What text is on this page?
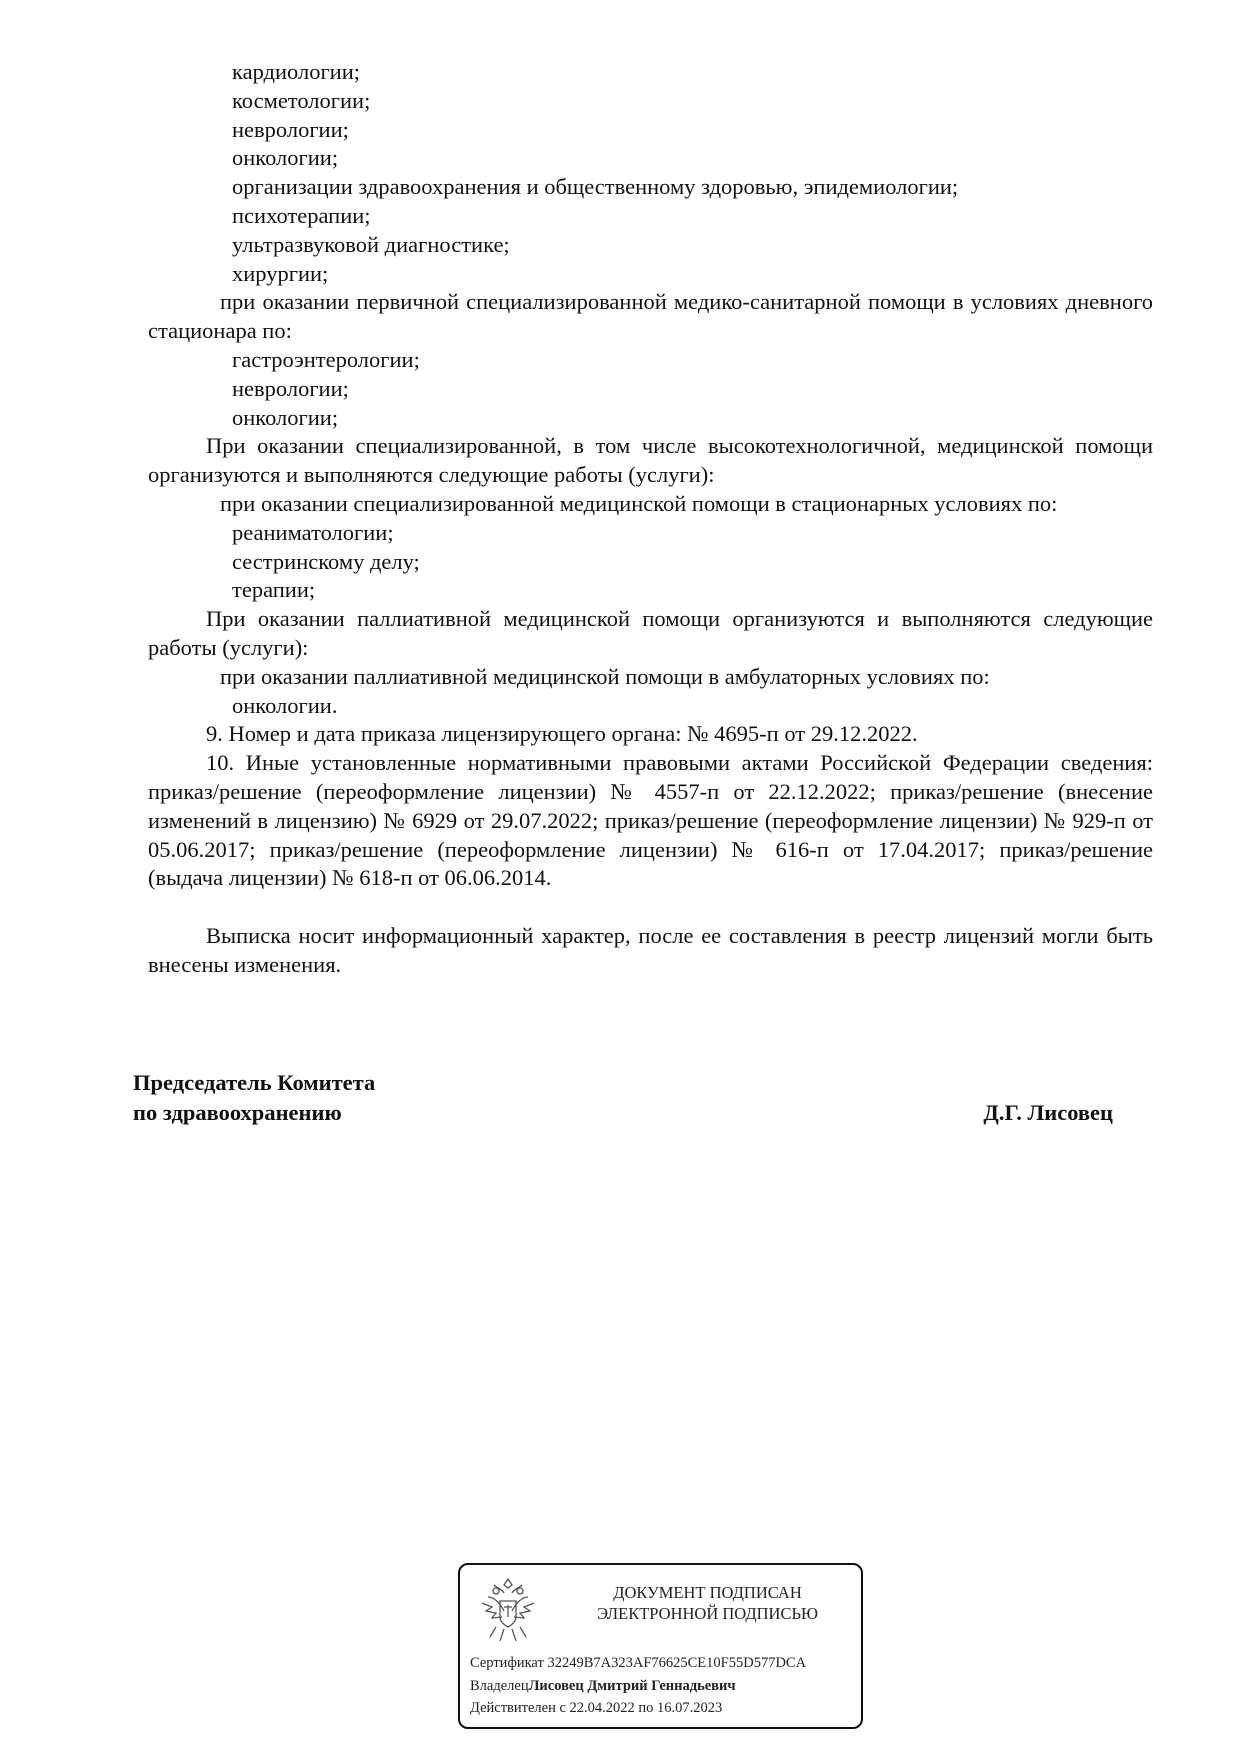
кардиологии;
косметологии;
неврологии;
онкологии;
организации здравоохранения и общественному здоровью, эпидемиологии;
психотерапии;
ультразвуковой диагностике;
хирургии;
при оказании первичной специализированной медико-санитарной помощи в условиях дневного стационара по:
гастроэнтерологии;
неврологии;
онкологии;
При оказании специализированной, в том числе высокотехнологичной, медицинской помощи организуются и выполняются следующие работы (услуги):
при оказании специализированной медицинской помощи в стационарных условиях по:
реаниматологии;
сестринскому делу;
терапии;
При оказании паллиативной медицинской помощи организуются и выполняются следующие работы (услуги):
при оказании паллиативной медицинской помощи в амбулаторных условиях по:
онкологии.
9. Номер и дата приказа лицензирующего органа: № 4695-п от 29.12.2022.
10. Иные установленные нормативными правовыми актами Российской Федерации сведения: приказ/решение (переоформление лицензии) № 4557-п от 22.12.2022; приказ/решение (внесение изменений в лицензию) № 6929 от 29.07.2022; приказ/решение (переоформление лицензии) № 929-п от 05.06.2017; приказ/решение (переоформление лицензии) № 616-п от 17.04.2017; приказ/решение (выдача лицензии) № 618-п от 06.06.2014.
Выписка носит информационный характер, после ее составления в реестр лицензий могли быть внесены изменения.
Председатель Комитета
по здравоохранению	Д.Г. Лисовец
ДОКУМЕНТ ПОДПИСАН
ЭЛЕКТРОННОЙ ПОДПИСЬЮ
Сертификат 32249B7A323AF76625CE10F55D577DCA
ВладелецЛисовец Дмитрий Геннадьевич
Действителен с 22.04.2022 по 16.07.2023
